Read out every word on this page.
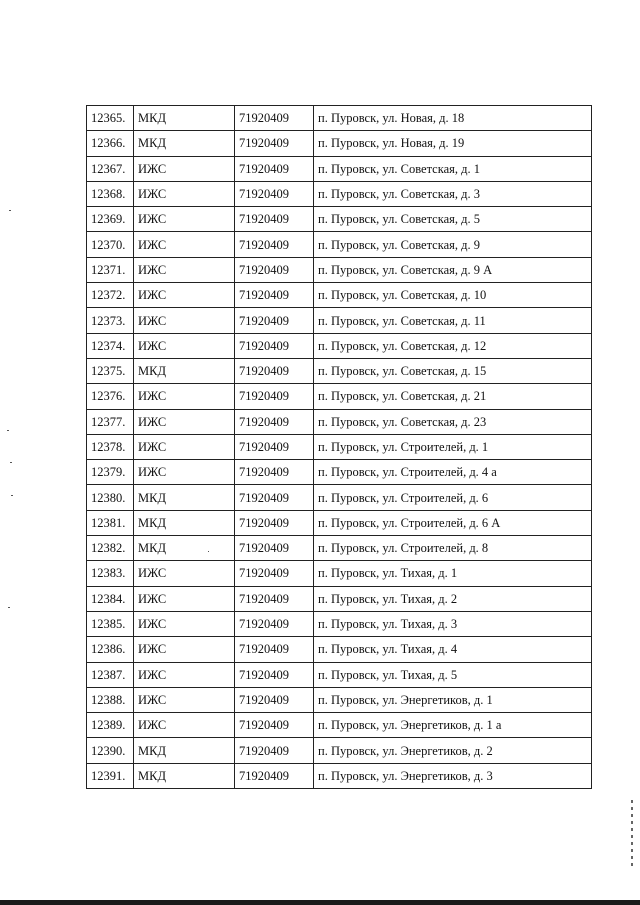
12365.	МКД	71920409	п. Пуровск, ул. Новая, д. 18
12366.	МКД	71920409	п. Пуровск, ул. Новая, д. 19
12367.	ИЖС	71920409	п. Пуровск, ул. Советская, д. 1
12368.	ИЖС	71920409	п. Пуровск, ул. Советская, д. 3
12369.	ИЖС	71920409	п. Пуровск, ул. Советская, д. 5
12370.	ИЖС	71920409	п. Пуровск, ул. Советская, д. 9
12371.	ИЖС	71920409	п. Пуровск, ул. Советская, д. 9 А
12372.	ИЖС	71920409	п. Пуровск, ул. Советская, д. 10
12373.	ИЖС	71920409	п. Пуровск, ул. Советская, д. 11
12374.	ИЖС	71920409	п. Пуровск, ул. Советская, д. 12
12375.	МКД	71920409	п. Пуровск, ул. Советская, д. 15
12376.	ИЖС	71920409	п. Пуровск, ул. Советская, д. 21
12377.	ИЖС	71920409	п. Пуровск, ул. Советская, д. 23
12378.	ИЖС	71920409	п. Пуровск, ул. Строителей, д. 1
12379.	ИЖС	71920409	п. Пуровск, ул. Строителей, д. 4 а
12380.	МКД	71920409	п. Пуровск, ул. Строителей, д. 6
12381.	МКД	71920409	п. Пуровск, ул. Строителей, д. 6 А
12382.	МКД	71920409	п. Пуровск, ул. Строителей, д. 8
12383.	ИЖС	71920409	п. Пуровск, ул. Тихая, д. 1
12384.	ИЖС	71920409	п. Пуровск, ул. Тихая, д. 2
12385.	ИЖС	71920409	п. Пуровск, ул. Тихая, д. 3
12386.	ИЖС	71920409	п. Пуровск, ул. Тихая, д. 4
12387.	ИЖС	71920409	п. Пуровск, ул. Тихая, д. 5
12388.	ИЖС	71920409	п. Пуровск, ул. Энергетиков, д. 1
12389.	ИЖС	71920409	п. Пуровск, ул. Энергетиков, д. 1 а
12390.	МКД	71920409	п. Пуровск, ул. Энергетиков, д. 2
12391.	МКД	71920409	п. Пуровск, ул. Энергетиков, д. 3
